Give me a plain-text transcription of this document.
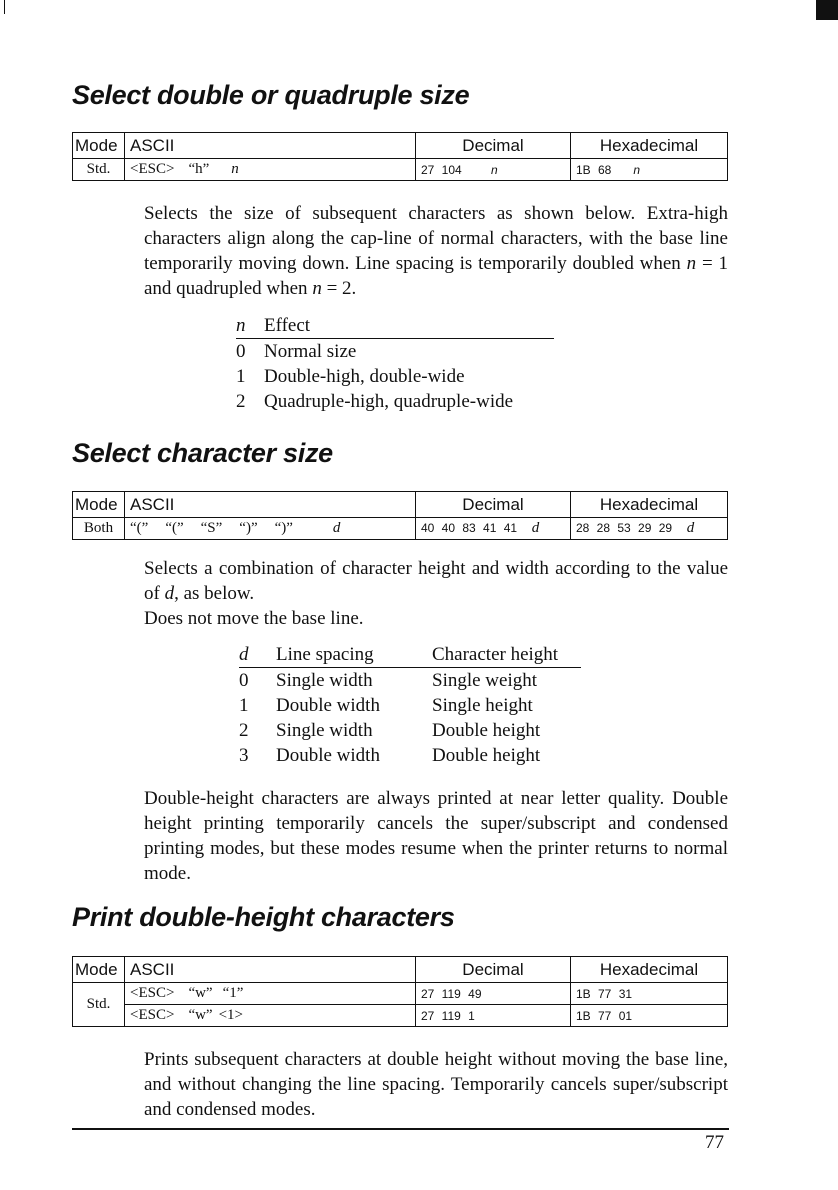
Select double or quadruple size
Mode	ASCII	Decimal	Hexadecimal
Std.	<ESC> “h” n	27 104 n	1B 68 n
Selects the size of subsequent characters as shown below. Extra-high characters align along the cap-line of normal characters, with the base line temporarily moving down. Line spacing is temporarily doubled when n = 1 and quadrupled when n = 2.
n	Effect
0	Normal size
1	Double-high, double-wide
2	Quadruple-high, quadruple-wide
Select character size
Mode	ASCII	Decimal	Hexadecimal
Both	“(” “(” “S” “)” “)” d	40 40 83 41 41 d	28 28 53 29 29 d

Selects a combination of character height and width according to the value of d, as below.

Does not move the base line.

d	Line spacing	Character height
0	Single width	Single weight
1	Double width	Single height
2	Single width	Double height
3	Double width	Double height
Double-height characters are always printed at near letter quality. Double height printing temporarily cancels the super/subscript and condensed printing modes, but these modes resume when the printer returns to normal mode.
Print double-height characters
Mode	ASCII	Decimal	Hexadecimal
Std.	<ESC> “w” “1”	27 119 49	1B 77 31
	<ESC> “w” <1>	27 119 1	1B 77 01
Prints subsequent characters at double height without moving the base line, and without changing the line spacing. Temporarily cancels super/subscript and condensed modes.
77
